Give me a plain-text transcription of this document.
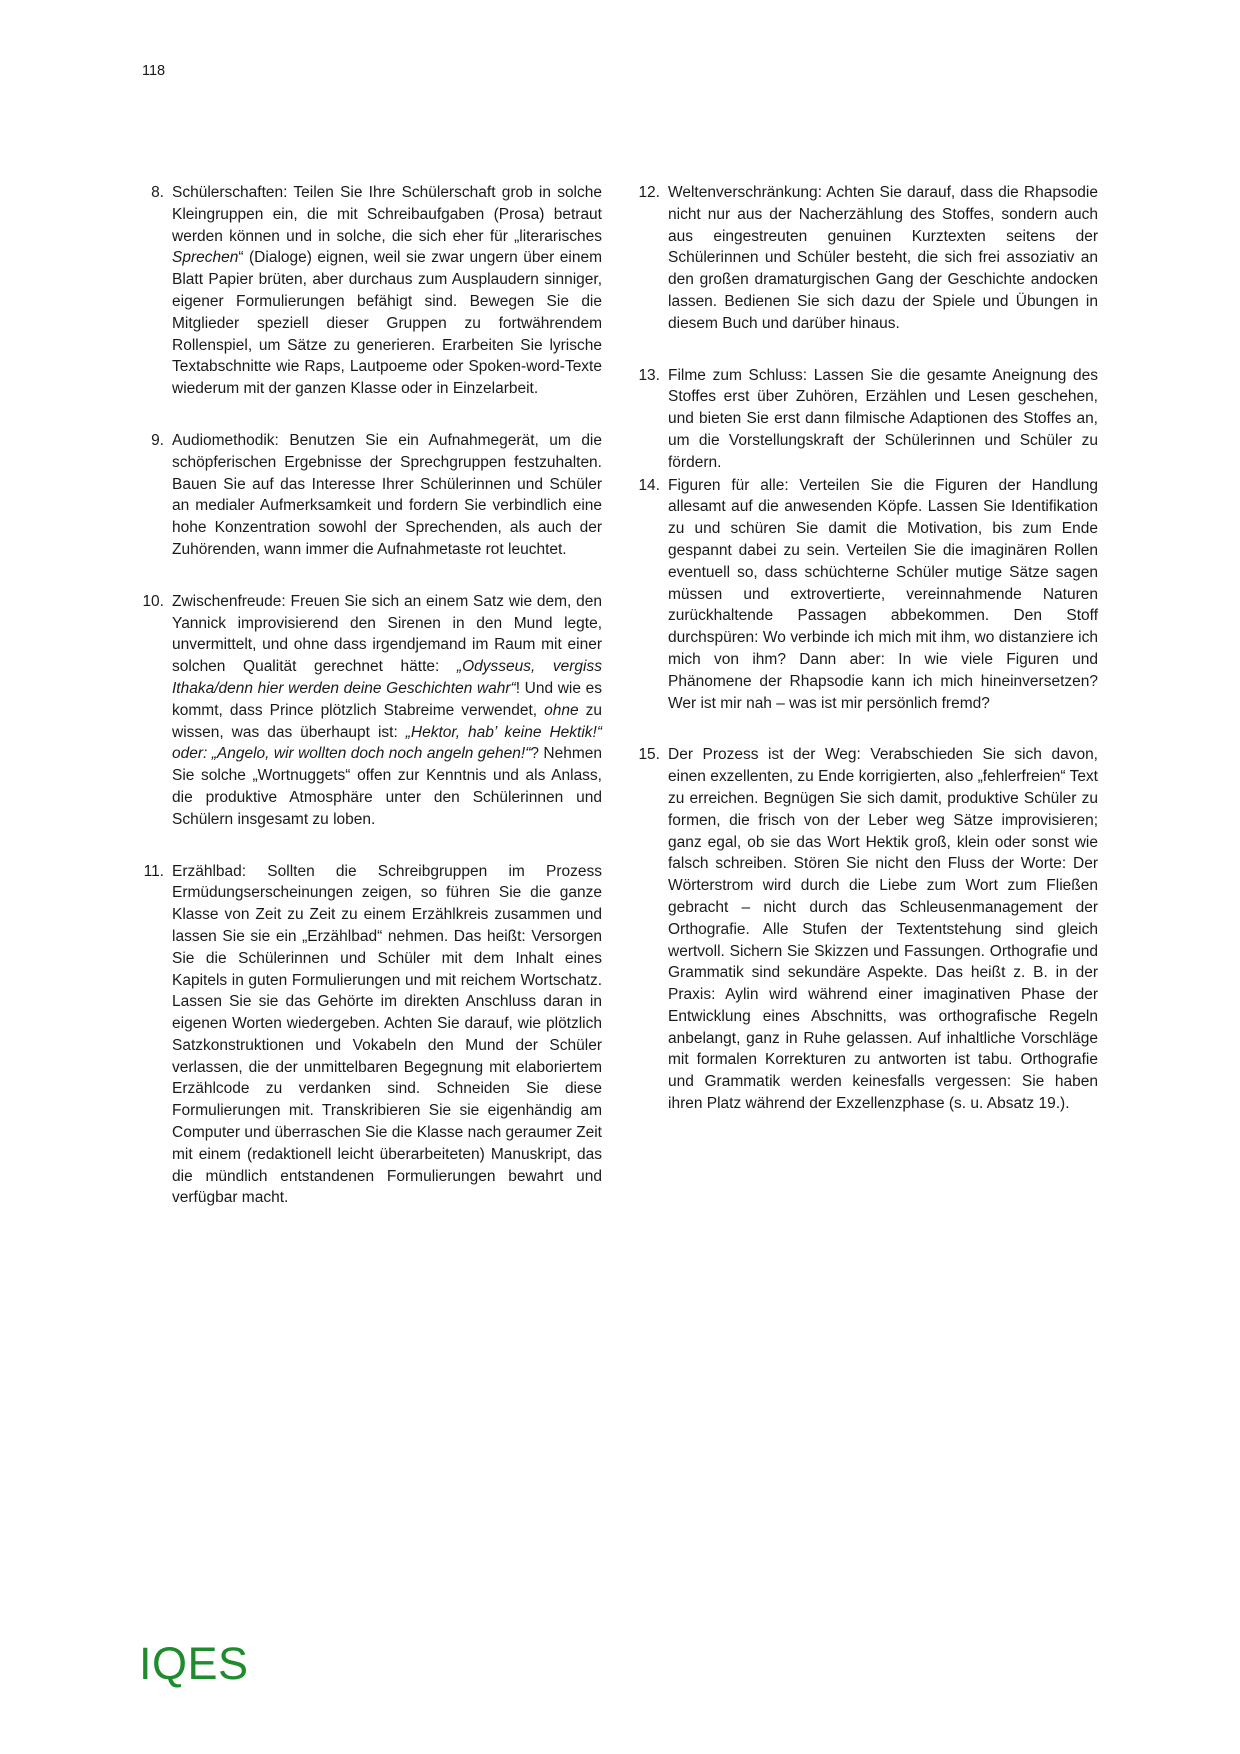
118
8. Schülerschaften: Teilen Sie Ihre Schülerschaft grob in solche Kleingruppen ein, die mit Schreibaufgaben (Prosa) betraut werden können und in solche, die sich eher für „literarisches Sprechen“ (Dialoge) eignen, weil sie zwar ungern über einem Blatt Papier brüten, aber durchaus zum Ausplaudern sinniger, eigener Formulierungen befähigt sind. Bewegen Sie die Mitglieder speziell dieser Gruppen zu fortwährendem Rollenspiel, um Sätze zu generieren. Erarbeiten Sie lyrische Textabschnitte wie Raps, Lautpoeme oder Spoken-word-Texte wiederum mit der ganzen Klasse oder in Einzelarbeit.
9. Audiomethodik: Benutzen Sie ein Aufnahmegerät, um die schöpferischen Ergebnisse der Sprechgruppen festzuhalten. Bauen Sie auf das Interesse Ihrer Schülerinnen und Schüler an medialer Aufmerksamkeit und fordern Sie verbindlich eine hohe Konzentration sowohl der Sprechenden, als auch der Zuhörenden, wann immer die Aufnahmetaste rot leuchtet.
10. Zwischenfreude: Freuen Sie sich an einem Satz wie dem, den Yannick improvisierend den Sirenen in den Mund legte, unvermittelt, und ohne dass irgendjemand im Raum mit einer solchen Qualität gerechnet hätte: „Odysseus, vergiss Ithaka/denn hier werden deine Geschichten wahr“! Und wie es kommt, dass Prince plötzlich Stabreime verwendet, ohne zu wissen, was das überhaupt ist: „Hektor, hab’ keine Hektik!“ oder: „Angelo, wir wollten doch noch angeln gehen!“? Nehmen Sie solche „Wortnuggets“ offen zur Kenntnis und als Anlass, die produktive Atmosphäre unter den Schülerinnen und Schülern insgesamt zu loben.
11. Erzählbad: Sollten die Schreibgruppen im Prozess Ermüdungserscheinungen zeigen, so führen Sie die ganze Klasse von Zeit zu Zeit zu einem Erzählkreis zusammen und lassen Sie sie ein „Erzählbad“ nehmen. Das heißt: Versorgen Sie die Schülerinnen und Schüler mit dem Inhalt eines Kapitels in guten Formulierungen und mit reichem Wortschatz. Lassen Sie sie das Gehörte im direkten Anschluss daran in eigenen Worten wiedergeben. Achten Sie darauf, wie plötzlich Satzkonstruktionen und Vokabeln den Mund der Schüler verlassen, die der unmittelbaren Begegnung mit elaboriertem Erzählcode zu verdanken sind. Schneiden Sie diese Formulierungen mit. Transkribieren Sie sie eigenhändig am Computer und überraschen Sie die Klasse nach geraumer Zeit mit einem (redaktionell leicht überarbeiteten) Manuskript, das die mündlich entstandenen Formulierungen bewahrt und verfügbar macht.
12. Weltenverschränkung: Achten Sie darauf, dass die Rhapsodie nicht nur aus der Nacherzählung des Stoffes, sondern auch aus eingestreuten genuinen Kurztexten seitens der Schülerinnen und Schüler besteht, die sich frei assoziativ an den großen dramaturgischen Gang der Geschichte andocken lassen. Bedienen Sie sich dazu der Spiele und Übungen in diesem Buch und darüber hinaus.
13. Filme zum Schluss: Lassen Sie die gesamte Aneignung des Stoffes erst über Zuhören, Erzählen und Lesen geschehen, und bieten Sie erst dann filmische Adaptionen des Stoffes an, um die Vorstellungskraft der Schülerinnen und Schüler zu fördern.
14. Figuren für alle: Verteilen Sie die Figuren der Handlung allesamt auf die anwesenden Köpfe. Lassen Sie Identifikation zu und schüren Sie damit die Motivation, bis zum Ende gespannt dabei zu sein. Verteilen Sie die imaginären Rollen eventuell so, dass schüchterne Schüler mutige Sätze sagen müssen und extrovertierte, vereinnahmende Naturen zurückhaltende Passagen abbekommen. Den Stoff durchspüren: Wo verbinde ich mich mit ihm, wo distanziere ich mich von ihm? Dann aber: In wie viele Figuren und Phänomene der Rhapsodie kann ich mich hineinversetzen? Wer ist mir nah – was ist mir persönlich fremd?
15. Der Prozess ist der Weg: Verabschieden Sie sich davon, einen exzellenten, zu Ende korrigierten, also „fehlerfreien“ Text zu erreichen. Begnügen Sie sich damit, produktive Schüler zu formen, die frisch von der Leber weg Sätze improvisieren; ganz egal, ob sie das Wort Hektik groß, klein oder sonst wie falsch schreiben. Stören Sie nicht den Fluss der Worte: Der Wörterstrom wird durch die Liebe zum Wort zum Fließen gebracht – nicht durch das Schleusenmanagement der Orthografie. Alle Stufen der Textentstehung sind gleich wertvoll. Sichern Sie Skizzen und Fassungen. Orthografie und Grammatik sind sekundäre Aspekte. Das heißt z. B. in der Praxis: Aylin wird während einer imaginativen Phase der Entwicklung eines Abschnitts, was orthografische Regeln anbelangt, ganz in Ruhe gelassen. Auf inhaltliche Vorschläge mit formalen Korrekturen zu antworten ist tabu. Orthografie und Grammatik werden keinesfalls vergessen: Sie haben ihren Platz während der Exzellenzphase (s. u. Absatz 19.).
IQES
